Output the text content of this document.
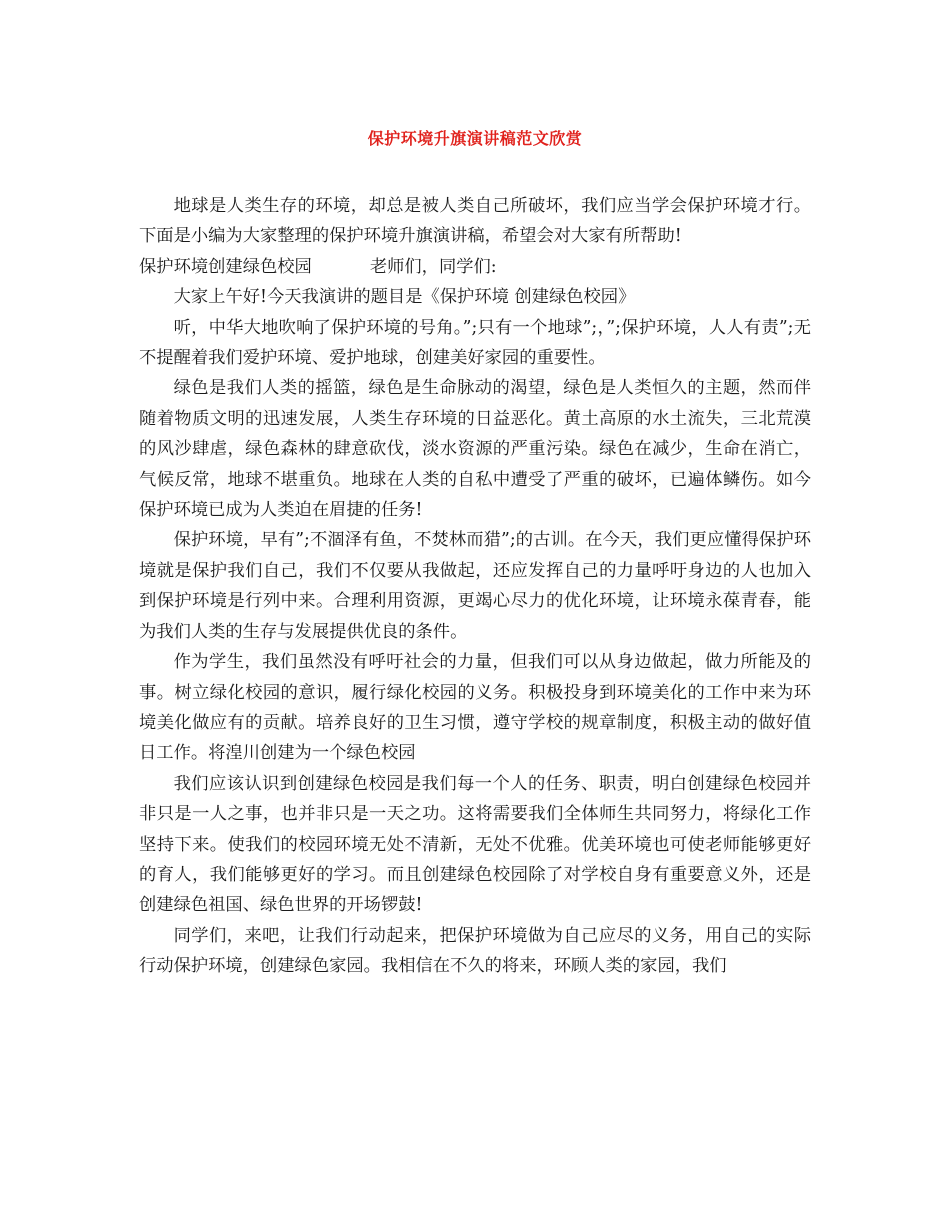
保护环境升旗演讲稿范文欣赏

地球是人类生存的环境，却总是被人类自己所破坏，我们应当学会保护环境才行。下面是小编为大家整理的保护环境升旗演讲稿，希望会对大家有所帮助!

保护环境创建绿色校园	老师们，同学们:

大家上午好!今天我演讲的题目是《保护环境 创建绿色校园》

听，中华大地吹响了保护环境的号角。”;只有一个地球”;，”;保护环境，人人有责”;无不提醒着我们爱护环境、爱护地球，创建美好家园的重要性。

绿色是我们人类的摇篮，绿色是生命脉动的渴望，绿色是人类恒久的主题，然而伴随着物质文明的迅速发展，人类生存环境的日益恶化。黄土高原的水土流失，三北荒漠的风沙肆虐，绿色森林的肆意砍伐，淡水资源的严重污染。绿色在减少，生命在消亡，气候反常，地球不堪重负。地球在人类的自私中遭受了严重的破坏，已遍体鳞伤。如今保护环境已成为人类迫在眉捷的任务!

保护环境，早有”;不涸泽有鱼，不焚林而猎”;的古训。在今天，我们更应懂得保护环境就是保护我们自己，我们不仅要从我做起，还应发挥自己的力量呼吁身边的人也加入到保护环境是行列中来。合理利用资源，更竭心尽力的优化环境，让环境永葆青春，能为我们人类的生存与发展提供优良的条件。

作为学生，我们虽然没有呼吁社会的力量，但我们可以从身边做起，做力所能及的事。树立绿化校园的意识，履行绿化校园的义务。积极投身到环境美化的工作中来为环境美化做应有的贡献。培养良好的卫生习惯，遵守学校的规章制度，积极主动的做好值日工作。将湟川创建为一个绿色校园

我们应该认识到创建绿色校园是我们每一个人的任务、职责，明白创建绿色校园并非只是一人之事，也并非只是一天之功。这将需要我们全体师生共同努力，将绿化工作坚持下来。使我们的校园环境无处不清新，无处不优雅。优美环境也可使老师能够更好的育人，我们能够更好的学习。而且创建绿色校园除了对学校自身有重要意义外，还是创建绿色祖国、绿色世界的开场锣鼓!

同学们，来吧，让我们行动起来，把保护环境做为自己应尽的义务，用自己的实际行动保护环境，创建绿色家园。我相信在不久的将来，环顾人类的家园，我们
